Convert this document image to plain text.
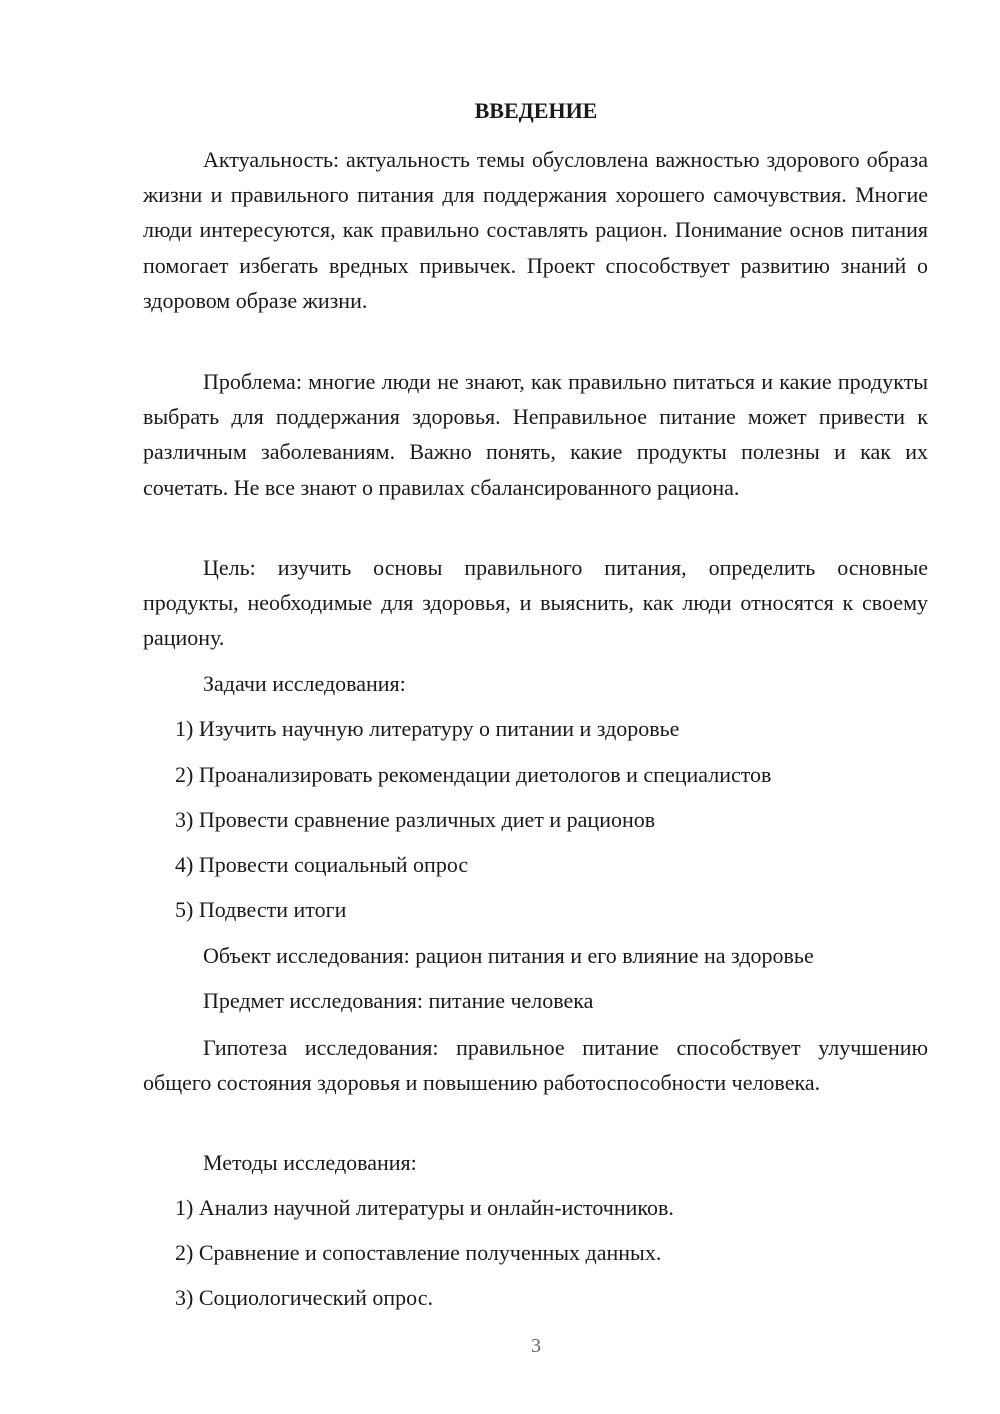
ВВЕДЕНИЕ

Актуальность: актуальность темы обусловлена важностью здорового образа жизни и правильного питания для поддержания хорошего самочувствия. Многие люди интересуются, как правильно составлять рацион. Понимание основ питания помогает избегать вредных привычек. Проект способствует развитию знаний о здоровом образе жизни.

Проблема: многие люди не знают, как правильно питаться и какие продукты выбрать для поддержания здоровья. Неправильное питание может привести к различным заболеваниям. Важно понять, какие продукты полезны и как их сочетать. Не все знают о правилах сбалансированного рациона.

Цель: изучить основы правильного питания, определить основные продукты, необходимые для здоровья, и выяснить, как люди относятся к своему рациону.

Задачи исследования:
1) Изучить научную литературу о питании и здоровье
2) Проанализировать рекомендации диетологов и специалистов
3) Провести сравнение различных диет и рационов
4) Провести социальный опрос
5) Подвести итоги
Объект исследования: рацион питания и его влияние на здоровье
Предмет исследования: питание человека

Гипотеза исследования: правильное питание способствует улучшению общего состояния здоровья и повышению работоспособности человека.

Методы исследования:
1) Анализ научной литературы и онлайн-источников.
2) Сравнение и сопоставление полученных данных.
3) Социологический опрос.
3
